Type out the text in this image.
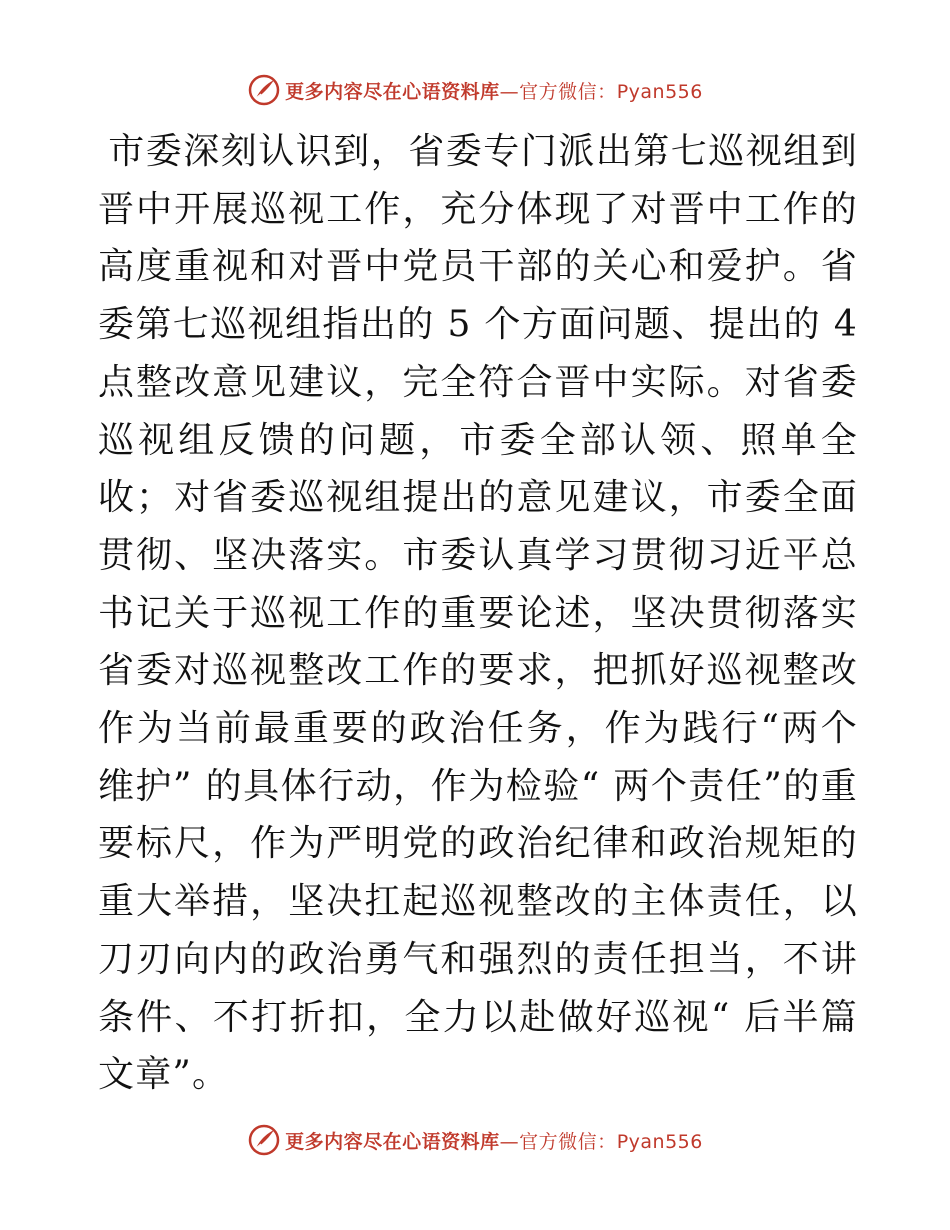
更多内容尽在心语资料库—官方微信：Pyan556

市委深刻认识到，省委专门派出第七巡视组到晋中开展巡视工作，充分体现了对晋中工作的高度重视和对晋中党员干部的关心和爱护。省委第七巡视组指出的 5 个方面问题、提出的 4 点整改意见建议，完全符合晋中实际。对省委巡视组反馈的问题，市委全部认领、照单全收；对省委巡视组提出的意见建议，市委全面贯彻、坚决落实。市委认真学习贯彻习近平总书记关于巡视工作的重要论述，坚决贯彻落实省委对巡视整改工作的要求，把抓好巡视整改作为当前最重要的政治任务，作为践行“两个维护” 的具体行动，作为检验“ 两个责任”的重要标尺，作为严明党的政治纪律和政治规矩的重大举措，坚决扛起巡视整改的主体责任，以刀刃向内的政治勇气和强烈的责任担当，不讲条件、不打折扣，全力以赴做好巡视“ 后半篇文章”。

更多内容尽在心语资料库—官方微信：Pyan556
